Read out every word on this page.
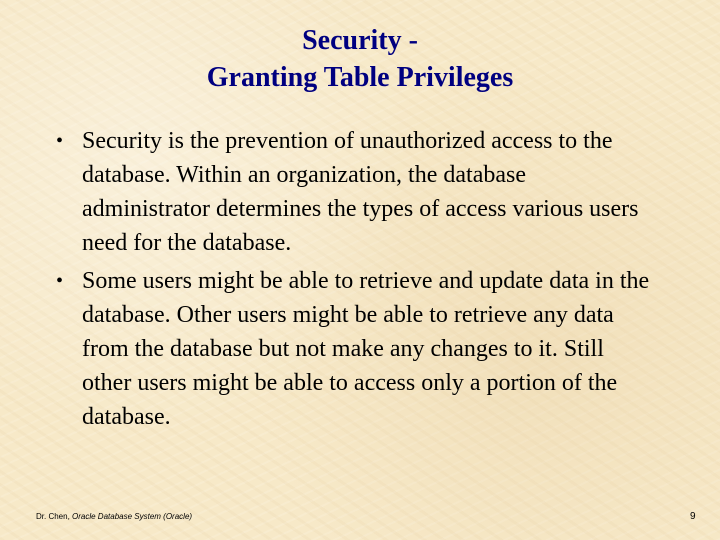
Security -
Granting Table Privileges
• Security is the prevention of unauthorized access to the database. Within an organization, the database administrator determines the types of access various users need for the database.
• Some users might be able to retrieve and update data in the database. Other users might be able to retrieve any data from the database but not make any changes to it. Still other users might be able to access only a portion of the database.
Dr. Chen, Oracle Database System (Oracle)	9
